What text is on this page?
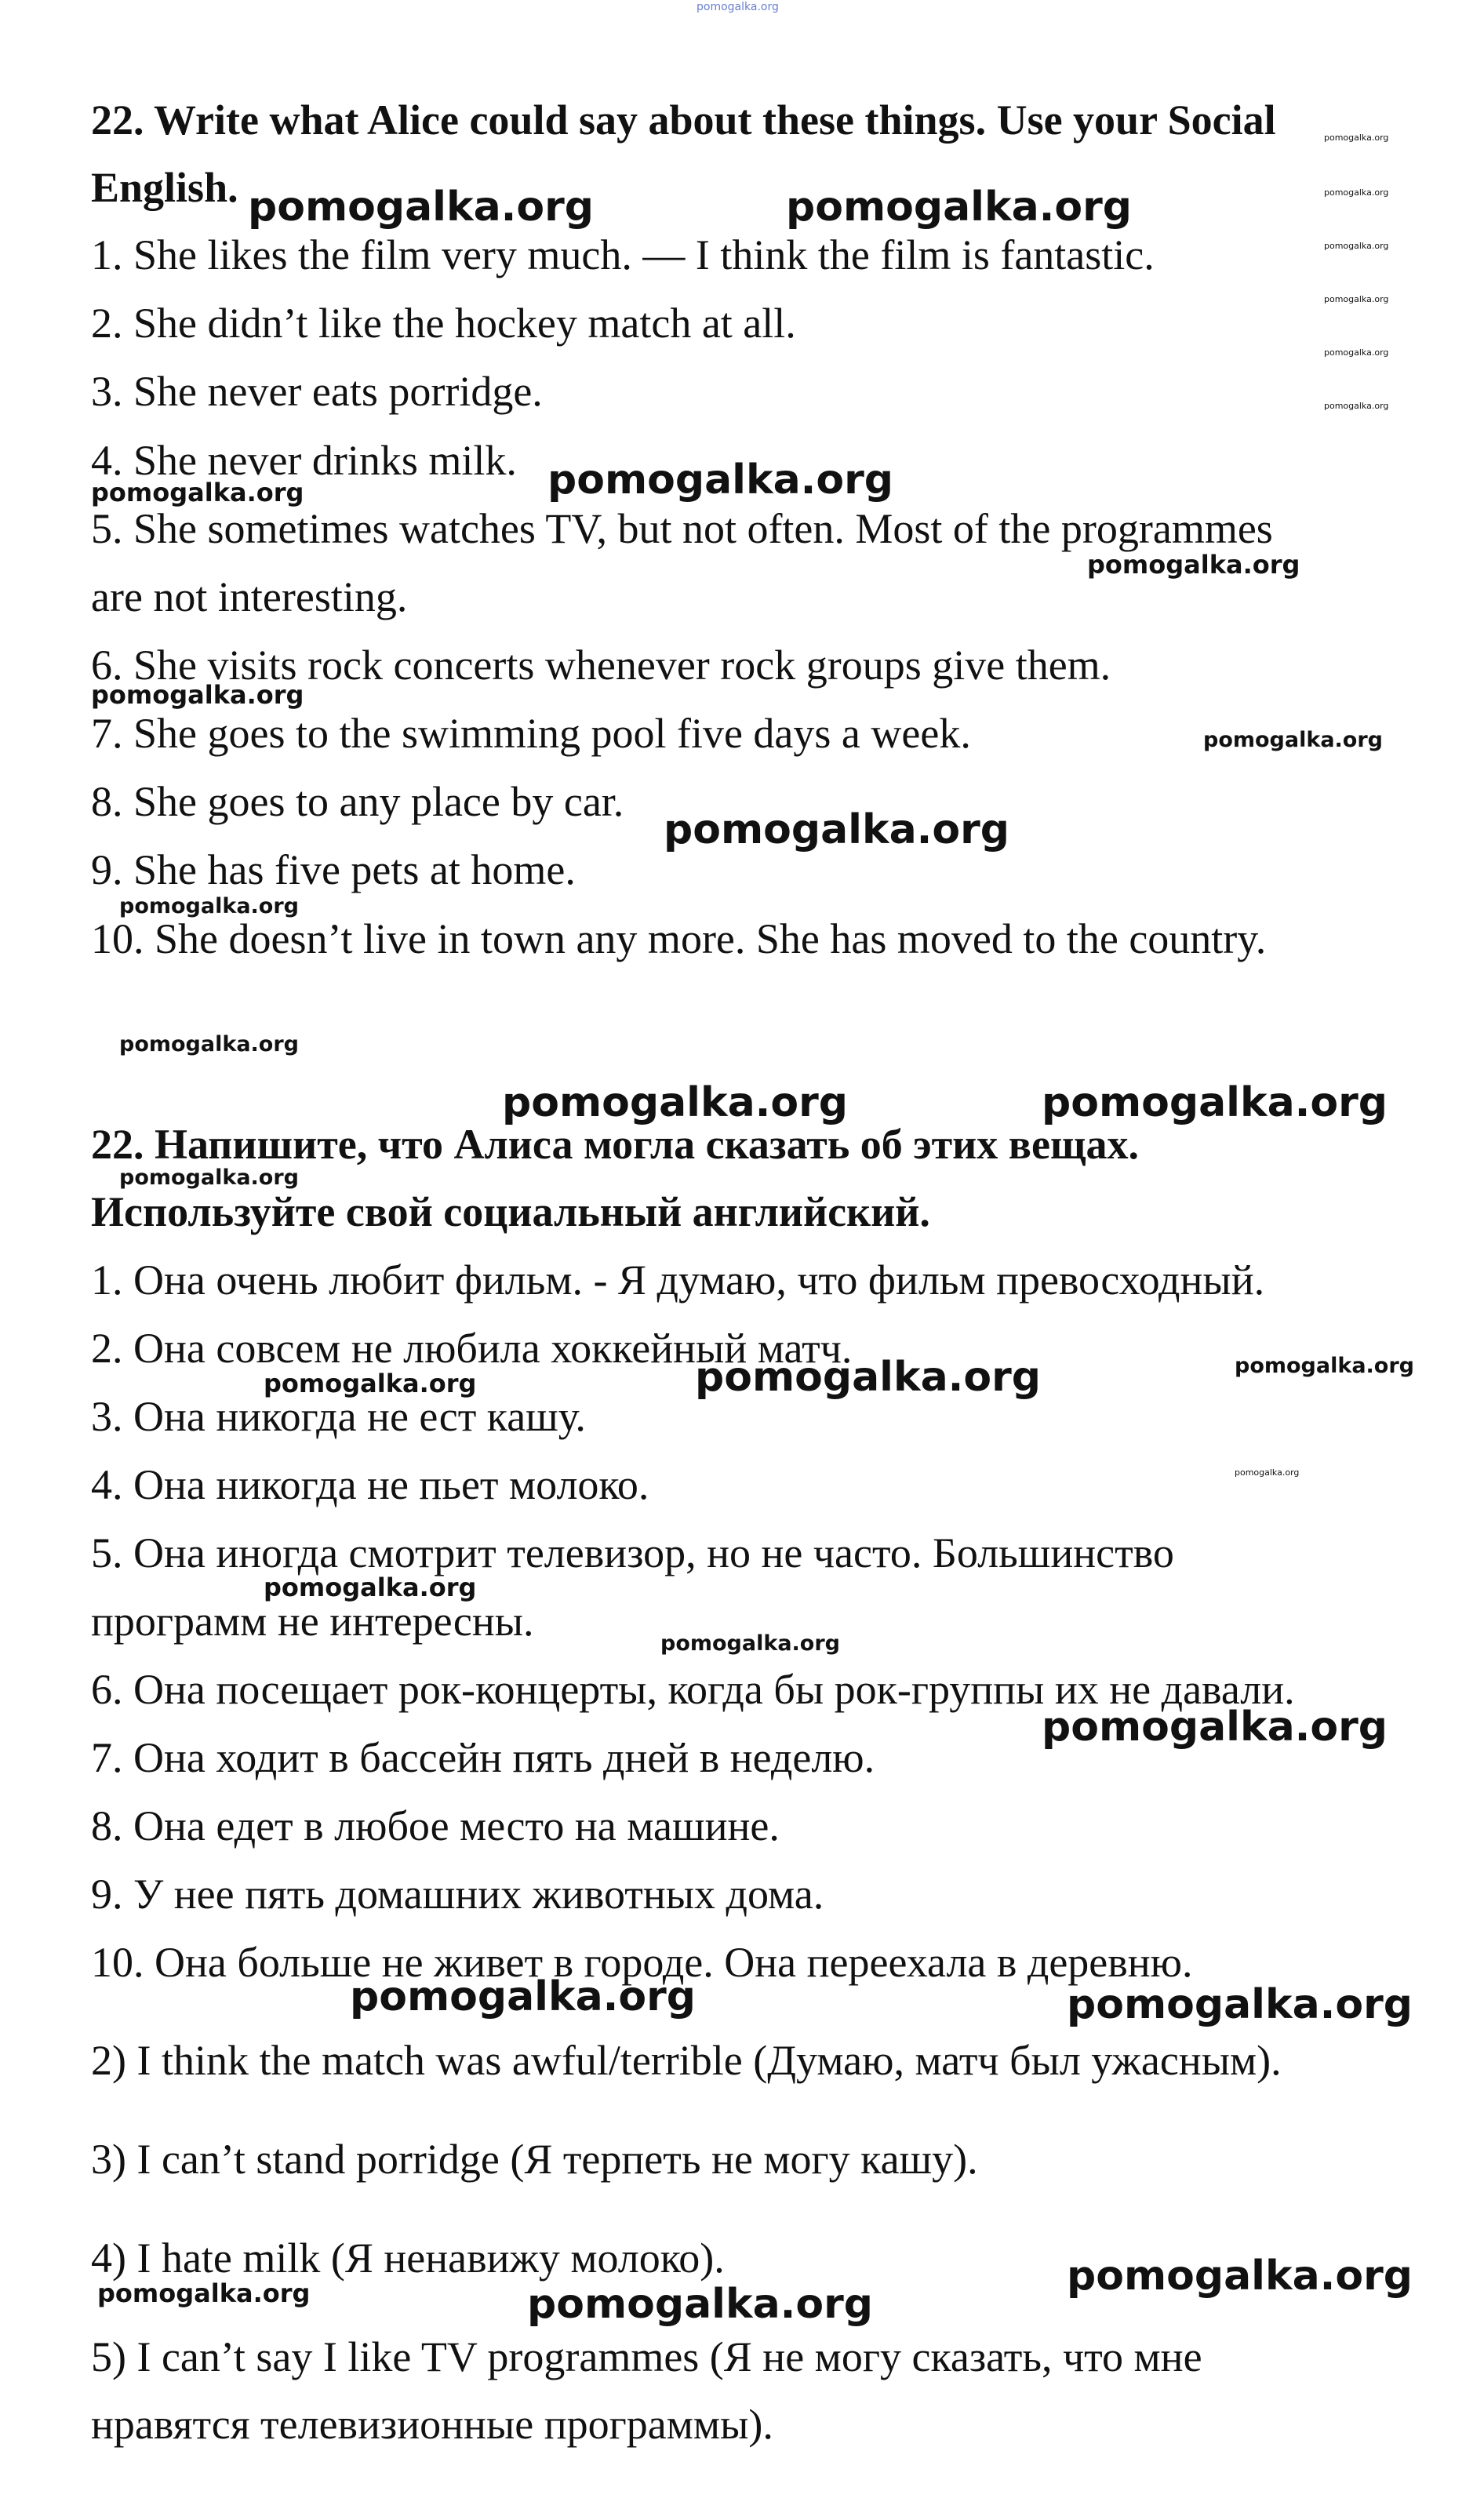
pomogalka.org
22. Write what Alice could say about these things. Use your Social
English.
1. She likes the film very much. — I think the film is fantastic.
2. She didn’t like the hockey match at all.
3. She never eats porridge.
4. She never drinks milk.
5. She sometimes watches TV, but not often. Most of the programmes
are not interesting.
6. She visits rock concerts whenever rock groups give them.
7. She goes to the swimming pool five days a week.
8. She goes to any place by car.
9. She has five pets at home.
10. She doesn’t live in town any more. She has moved to the country.
22. Напишите, что Алиса могла сказать об этих вещах.
Используйте свой социальный английский.
1. Она очень любит фильм. - Я думаю, что фильм превосходный.
2. Она совсем не любила хоккейный матч.
3. Она никогда не ест кашу.
4. Она никогда не пьет молоко.
5. Она иногда смотрит телевизор, но не часто. Большинство
программ не интересны.
6. Она посещает рок-концерты, когда бы рок-группы их не давали.
7. Она ходит в бассейн пять дней в неделю.
8. Она едет в любое место на машине.
9. У нее пять домашних животных дома.
10. Она больше не живет в городе. Она переехала в деревню.
2) I think the match was awful/terrible (Думаю, матч был ужасным).
3) I can’t stand porridge (Я терпеть не могу кашу).
4) I hate milk (Я ненавижу молоко).
5) I can’t say I like TV programmes (Я не могу сказать, что мне
нравятся телевизионные программы).
pomogalka.org	pomogalka.org
pomogalka.org
pomogalka.org
pomogalka.org	pomogalka.org
pomogalka.org
pomogalka.org
pomogalka.org	pomogalka.org
pomogalka.org
pomogalka.org
pomogalka.org
pomogalka.org
pomogalka.org
pomogalka.org
pomogalka.org
pomogalka.org
pomogalka.org
pomogalka.org
pomogalka.org
pomogalka.org
pomogalka.org
pomogalka.org
pomogalka.org
pomogalka.org
pomogalka.org
pomogalka.org
pomogalka.org
pomogalka.org
pomogalka.org
